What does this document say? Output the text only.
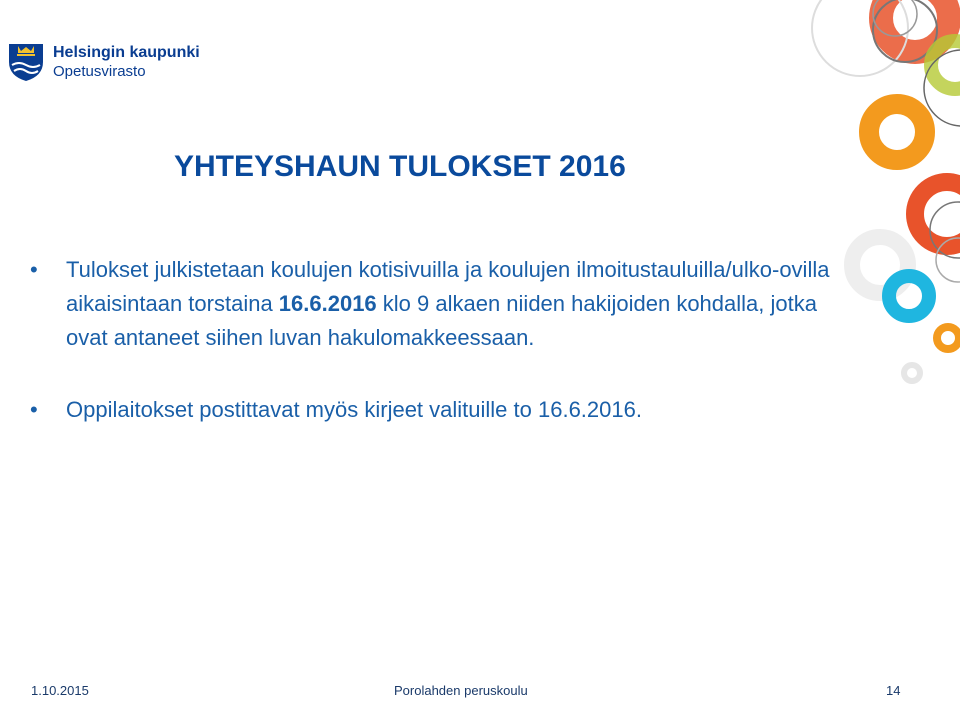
Helsingin kaupunki
Opetusvirasto
YHTEYSHAUN TULOKSET 2016
• Tulokset julkistetaan koulujen kotisivuilla ja koulujen ilmoitustauluilla/ulko-ovilla aikaisintaan torstaina 16.6.2016 klo 9 alkaen niiden hakijoiden kohdalla, jotka ovat antaneet siihen luvan hakulomakkeessaan.
• Oppilaitokset postittavat myös kirjeet valituille to 16.6.2016.
1.10.2015	Porolahden peruskoulu	14
